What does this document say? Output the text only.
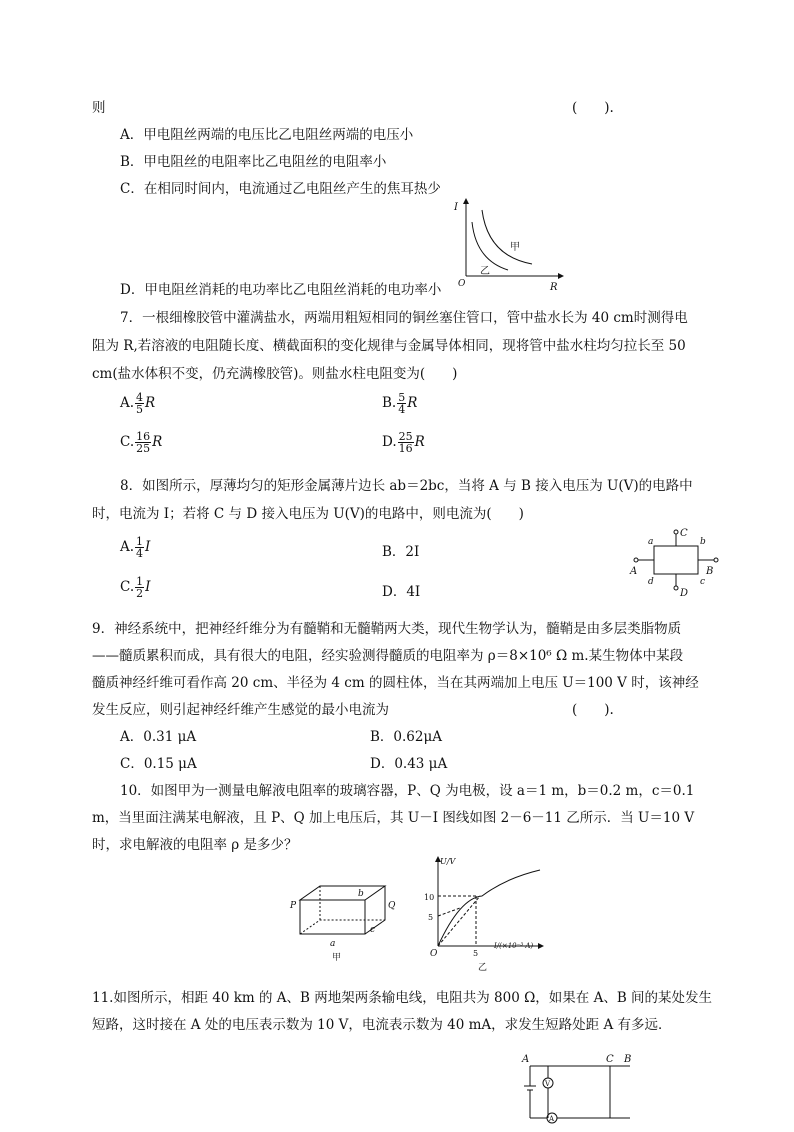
则	(　　).
A．甲电阻丝两端的电压比乙电阻丝两端的电压小
B．甲电阻丝的电阻率比乙电阻丝的电阻率小
C．在相同时间内，电流通过乙电阻丝产生的焦耳热少
D．甲电阻丝消耗的电功率比乙电阻丝消耗的电功率小
I
R
O
甲
乙
7．一根细橡胶管中灌满盐水，两端用粗短相同的铜丝塞住管口，管中盐水长为 40 cm时测得电
阻为 R,若溶液的电阻随长度、横截面积的变化规律与金属导体相同，现将管中盐水柱均匀拉长至 50
cm(盐水体积不变，仍充满橡胶管)。则盐水柱电阻变为(　　)
A. $\frac{4}{5}$ R	B. $\frac{5}{4}$ R
C. $\frac{16}{25}$ R	D. $\frac{25}{16}$ R
8．如图所示，厚薄均匀的矩形金属薄片边长 ab＝2bc，当将 A 与 B 接入电压为 U(V)的电路中
时，电流为 I；若将 C 与 D 接入电压为 U(V)的电路中，则电流为(　　)
A. $\frac{1}{4}$ I	B．2I
C. $\frac{1}{2}$ I	D．4I
a	b
c
d
C
D
A	B
9．神经系统中，把神经纤维分为有髓鞘和无髓鞘两大类，现代生物学认为，髓鞘是由多层类脂物质
——髓质累积而成，具有很大的电阻，经实验测得髓质的电阻率为 ρ＝8×10⁶ Ω m.某生物体中某段
髓质神经纤维可看作高 20 cm、半径为 4 cm 的圆柱体，当在其两端加上电压 U＝100 V 时，该神经
发生反应，则引起神经纤维产生感觉的最小电流为	(　　).
A．0.31 μA	B．0.62μA
C．0.15 μA	D．0.43 μA
10．如图甲为一测量电解液电阻率的玻璃容器，P、Q 为电极，设 a＝1 m，b＝0.2 m，c＝0.1
m，当里面注满某电解液，且 P、Q 加上电压后，其 U－I 图线如图 2－6－11 乙所示．当 U＝10 V
时，求电解液的电阻率 ρ 是多少？
P	Q
a
b
c
甲
U/V
I/(×10⁻³ A)
O
10
5
5
乙
11.如图所示，相距 40 km 的 A、B 两地架两条输电线，电阻共为 800 Ω，如果在 A、B 间的某处发生
短路，这时接在 A 处的电压表示数为 10 V，电流表示数为 40 mA，求发生短路处距 A 有多远．
A	C B
V
A
